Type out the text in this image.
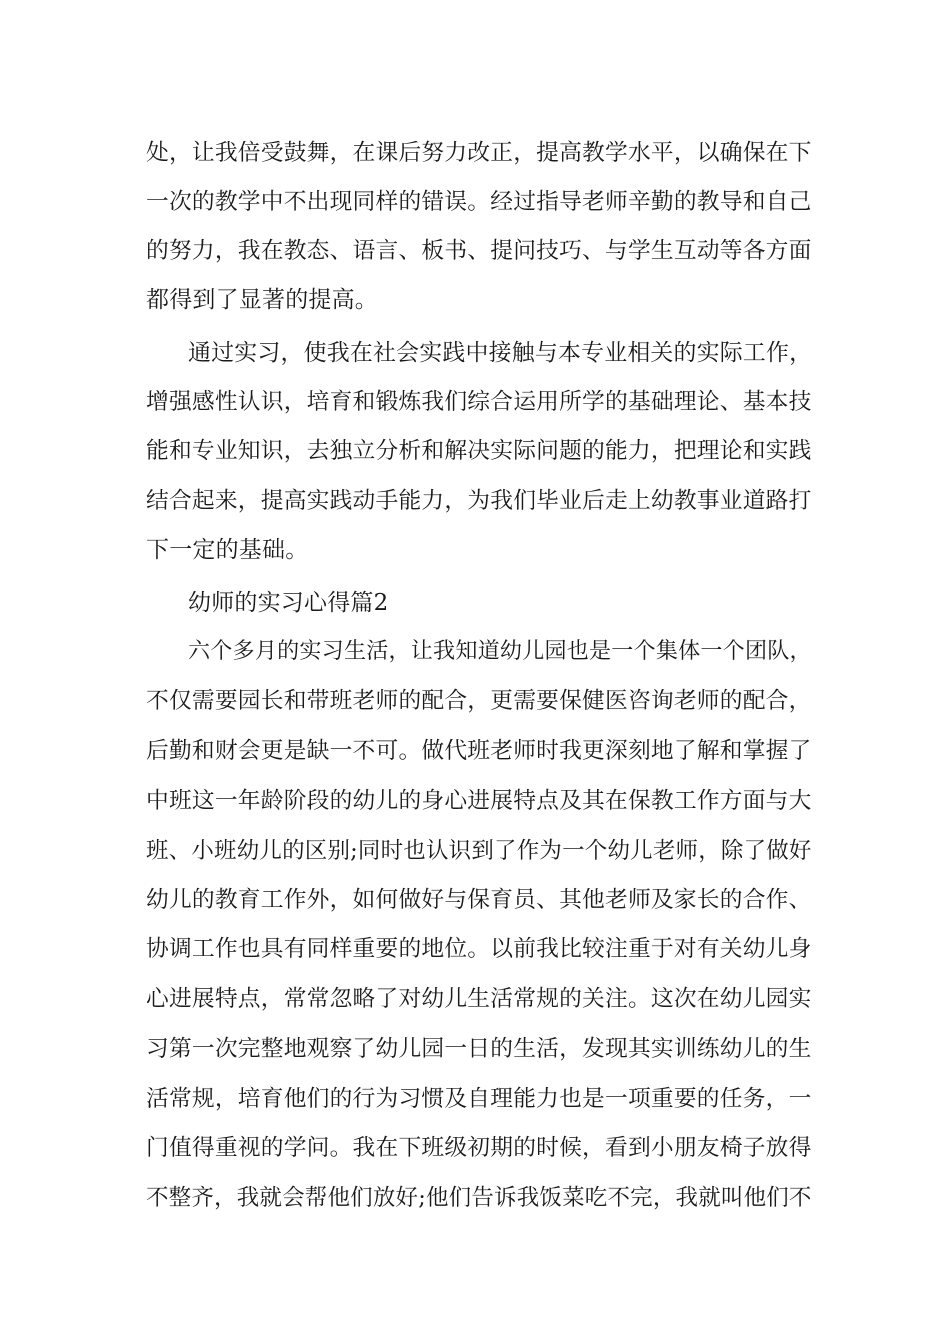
处，让我倍受鼓舞，在课后努力改正，提高教学水平，以确保在下
一次的教学中不出现同样的错误。经过指导老师辛勤的教导和自己
的努力，我在教态、语言、板书、提问技巧、与学生互动等各方面
都得到了显著的提高。
通过实习，使我在社会实践中接触与本专业相关的实际工作，
增强感性认识，培育和锻炼我们综合运用所学的基础理论、基本技
能和专业知识，去独立分析和解决实际问题的能力，把理论和实践
结合起来，提高实践动手能力，为我们毕业后走上幼教事业道路打
下一定的基础。
幼师的实习心得篇2
六个多月的实习生活，让我知道幼儿园也是一个集体一个团队，
不仅需要园长和带班老师的配合，更需要保健医咨询老师的配合，
后勤和财会更是缺一不可。做代班老师时我更深刻地了解和掌握了
中班这一年龄阶段的幼儿的身心进展特点及其在保教工作方面与大
班、小班幼儿的区别;同时也认识到了作为一个幼儿老师，除了做好
幼儿的教育工作外，如何做好与保育员、其他老师及家长的合作、
协调工作也具有同样重要的地位。以前我比较注重于对有关幼儿身
心进展特点，常常忽略了对幼儿生活常规的关注。这次在幼儿园实
习第一次完整地观察了幼儿园一日的生活，发现其实训练幼儿的生
活常规，培育他们的行为习惯及自理能力也是一项重要的任务，一
门值得重视的学问。我在下班级初期的时候，看到小朋友椅子放得
不整齐，我就会帮他们放好;他们告诉我饭菜吃不完，我就叫他们不
